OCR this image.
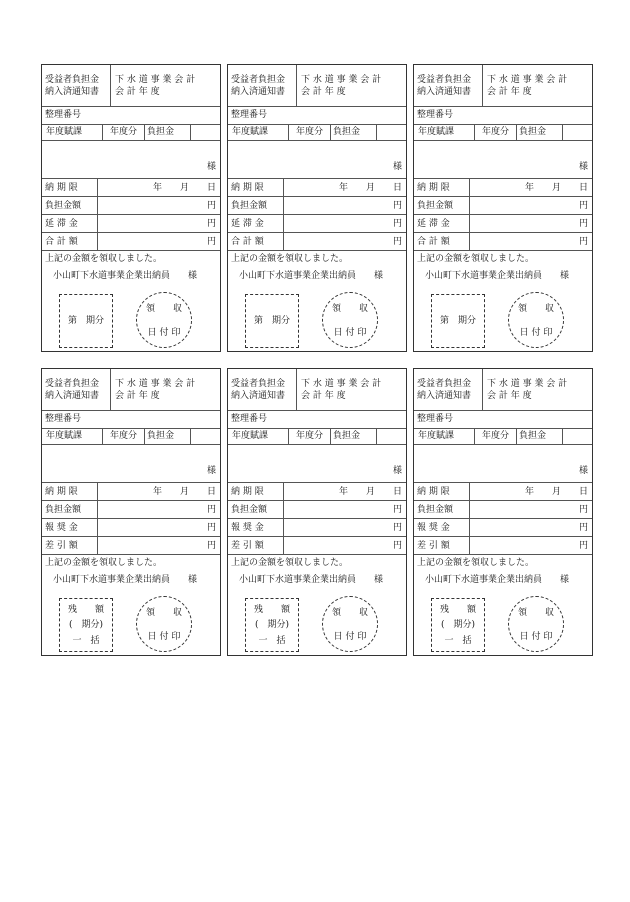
受益者負担金
納入済通知書
下 水 道 事 業 会 計
会 計 年 度
整理番号
年度賦課	年度分 負担金
様
納 期 限	年　　月　　日
負担金額	円
延 滞 金	円
合 計 額	円
上記の金額を領収しました。
小山町下水道事業企業出納員　　様
第　期分
領　　収
日 付 印
受益者負担金
納入済通知書
下 水 道 事 業 会 計
会 計 年 度
整理番号
年度賦課	年度分 負担金
様
納 期 限	年　　月　　日
負担金額	円
延 滞 金	円
合 計 額	円
上記の金額を領収しました。
小山町下水道事業企業出納員　　様
第　期分
領　　収
日 付 印
受益者負担金
納入済通知書
下 水 道 事 業 会 計
会 計 年 度
整理番号
年度賦課	年度分 負担金
様
納 期 限	年　　月　　日
負担金額	円
延 滞 金	円
合 計 額	円
上記の金額を領収しました。
小山町下水道事業企業出納員　　様
第　期分
領　　収
日 付 印
受益者負担金
納入済通知書
下 水 道 事 業 会 計
会 計 年 度
整理番号
年度賦課	年度分 負担金
様
納 期 限	年　　月　　日
負担金額	円
報 奨 金	円
差 引 額	円
上記の金額を領収しました。
小山町下水道事業企業出納員　　様
残　　額
(　期分)
一　括
領　　収
日 付 印
受益者負担金
納入済通知書
下 水 道 事 業 会 計
会 計 年 度
整理番号
年度賦課	年度分 負担金
様
納 期 限	年　　月　　日
負担金額	円
報 奨 金	円
差 引 額	円
上記の金額を領収しました。
小山町下水道事業企業出納員　　様
残　　額
(　期分)
一　括
領　　収
日 付 印
受益者負担金
納入済通知書
下 水 道 事 業 会 計
会 計 年 度
整理番号
年度賦課	年度分 負担金
様
納 期 限	年　　月　　日
負担金額	円
報 奨 金	円
差 引 額	円
上記の金額を領収しました。
小山町下水道事業企業出納員　　様
残　　額
(　期分)
一　括
領　　収
日 付 印
